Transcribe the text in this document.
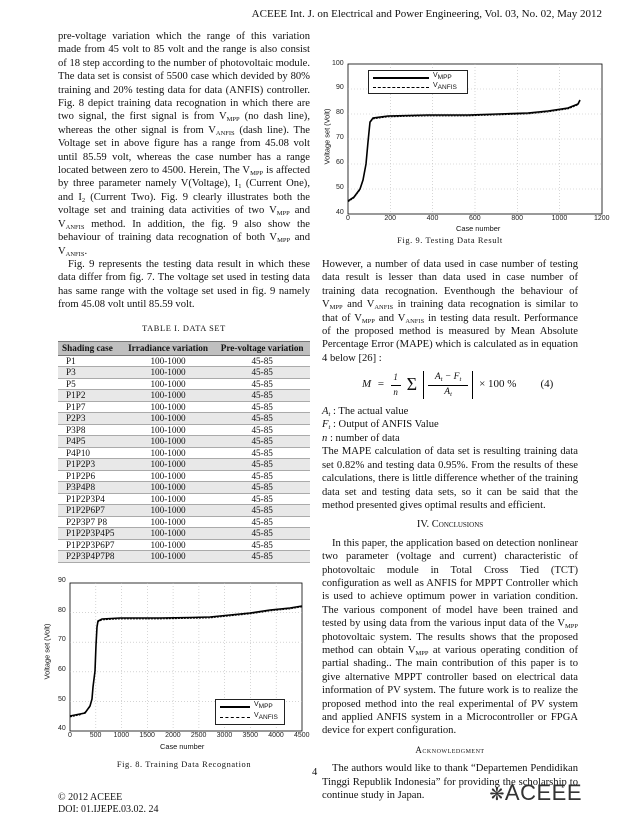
ACEEE Int. J. on Electrical and Power Engineering, Vol. 03, No. 02, May 2012

pre-voltage variation which the range of this variation made from 45 volt to 85 volt and the range is also consist of 18 step according to the number of photovoltaic module. The data set is consist of 5500 case which devided by 80% training and 20% testing data for data (ANFIS) controller. Fig. 8 depict training data recognation in which there are two signal, the first signal is from $V_{MPP}$ (no dash line), whereas the other signal is from $V_{ANFIS}$ (dash line). The Voltage set in above figure has a range from 45.08 volt until 85.59 volt, whereas the case number has a range located between zero to 4500. Herein, The $V_{MPP}$ is affected by three parameter namely V(Voltage), $I_1$ (Current One), and $I_2$ (Current Two). Fig. 9 clearly illustrates both the voltage set and training data activities of two $V_{MPP}$ and $V_{ANFIS}$ method. In addition, the fig. 9 also show the behaviour of training data recognation of both $V_{MPP}$ and $V_{ANFIS}$.

Fig. 9 represents the testing data result in which these data differ from fig. 7. The voltage set used in testing data has same range with the voltage set used in fig. 9 namely from 45.08 volt until 85.59 volt.

TABLE I. DATA SET
Shading case	Irradiance variation	Pre-voltage variation
P1	100-1000	45-85
P3	100-1000	45-85
P5	100-1000	45-85
P1P2	100-1000	45-85
P1P7	100-1000	45-85
P2P3	100-1000	45-85
P3P8	100-1000	45-85
P4P5	100-1000	45-85
P4P10	100-1000	45-85
P1P2P3	100-1000	45-85
P1P2P6	100-1000	45-85
P3P4P8	100-1000	45-85
P1P2P3P4	100-1000	45-85
P1P2P6P7	100-1000	45-85
P2P3P7 P8	100-1000	45-85
P1P2P3P4P5	100-1000	45-85
P1P2P3P6P7	100-1000	45-85
P2P3P4P7P8	100-1000	45-85
90
80
70
60
50
40
0	500 1000 1500 2000 2500 3000 3500 4000 4500
Case number
Voltage set (Volt)
$V_{MPP}$
$V_{ANFIS}$
Fig. 8. Training Data Recognation
100
90
80
70
60
50
40
0	200	400	600	800	1000	1200
Case number
Voltage set (Volt)
$V_{MPP}$
$V_{ANFIS}$
Fig. 9. Testing Data Result

However, a number of data used in case number of testing data result is lesser than data used in case number of training data recognation. Eventhough the behaviour of $V_{MPP}$ and $V_{ANFIS}$ in training data recognation is similar to that of $V_{MPP}$ and $V_{ANFIS}$ in testing data result. Performance of the proposed method is measured by Mean Absolute Percentage Error (MAPE) which is calculated as in equation 4 below [26] :

M =
1
n Σ $A_t - F_t$
$A_t$
× 100 % (4)

$A_t$ : The actual value

$F_t$ : Output of ANFIS Value

n : number of data

The MAPE calculation of data set is resulting training data set 0.82% and testing data 0.95%. From the results of these calculations, there is little difference whether of the training data set and testing data sets, so it can be said that the method presented gives optimal results and efficient.

IV. Conclusions

In this paper, the application based on detection nonlinear two parameter (voltage and current) characteristic of photovoltaic module in Total Cross Tied (TCT) configuration as well as ANFIS for MPPT Controller which is used to achieve optimum power in variation condition. The various component of model have been trained and tested by using data from the various input data of the $V_{MPP}$ photovoltaic system. The results shows that the proposed method can obtain $V_{MPP}$ at various operating condition of partial shading.. The main contribution of this paper is to give alternative MPPT controller based on electrical data information of PV system. The future work is to realize the proposed method into the real experimental of PV system and applied ANFIS system in a Microcontroller or FPGA device for expert configuration.

Acknowledgment

The authors would like to thank “Departemen Pendidikan Tinggi Republik Indonesia” for providing the scholarship to continue study in Japan.

4
© 2012 ACEEE
DOI: 01.IJEPE.03.02. 24
❋ACEEE
